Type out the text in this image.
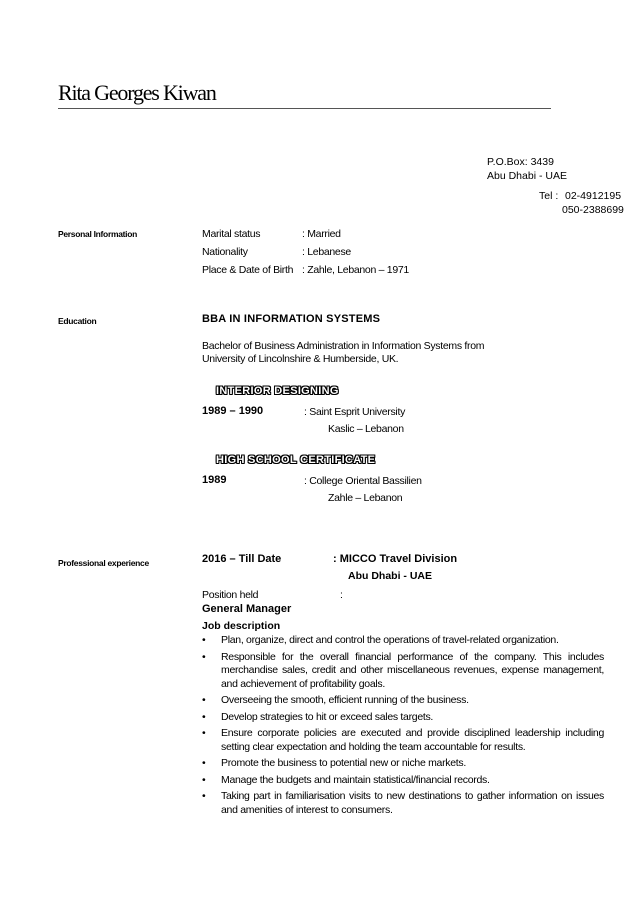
Rita Georges Kiwan
P.O.Box: 3439
Abu Dhabi - UAE
Tel : 02-4912195
050-2388699
Personal Information	Marital status	: Married
Nationality	: Lebanese
Place & Date of Birth : Zahle, Lebanon – 1971
Education	BBA IN INFORMATION SYSTEMS
Bachelor of Business Administration in Information Systems from
University of Lincolnshire & Humberside, UK.
INTERIOR DESIGNING
1989 – 1990	: Saint Esprit University
Kaslic – Lebanon
HIGH SCHOOL CERTIFICATE
1989	: College Oriental Bassilien
Zahle – Lebanon
Professional experience	2016 – Till Date	: MICCO Travel Division
Abu Dhabi - UAE
Position held	:
General Manager
Job description
• Plan, organize, direct and control the operations of travel-related organization.
• Responsible for the overall financial performance of the company. This includes merchandise sales, credit and other miscellaneous revenues, expense management, and achievement of profitability goals.
• Overseeing the smooth, efficient running of the business.
• Develop strategies to hit or exceed sales targets.
• Ensure corporate policies are executed and provide disciplined leadership including setting clear expectation and holding the team accountable for results.
• Promote the business to potential new or niche markets.
• Manage the budgets and maintain statistical/financial records.
• Taking part in familiarisation visits to new destinations to gather information on issues and amenities of interest to consumers.
